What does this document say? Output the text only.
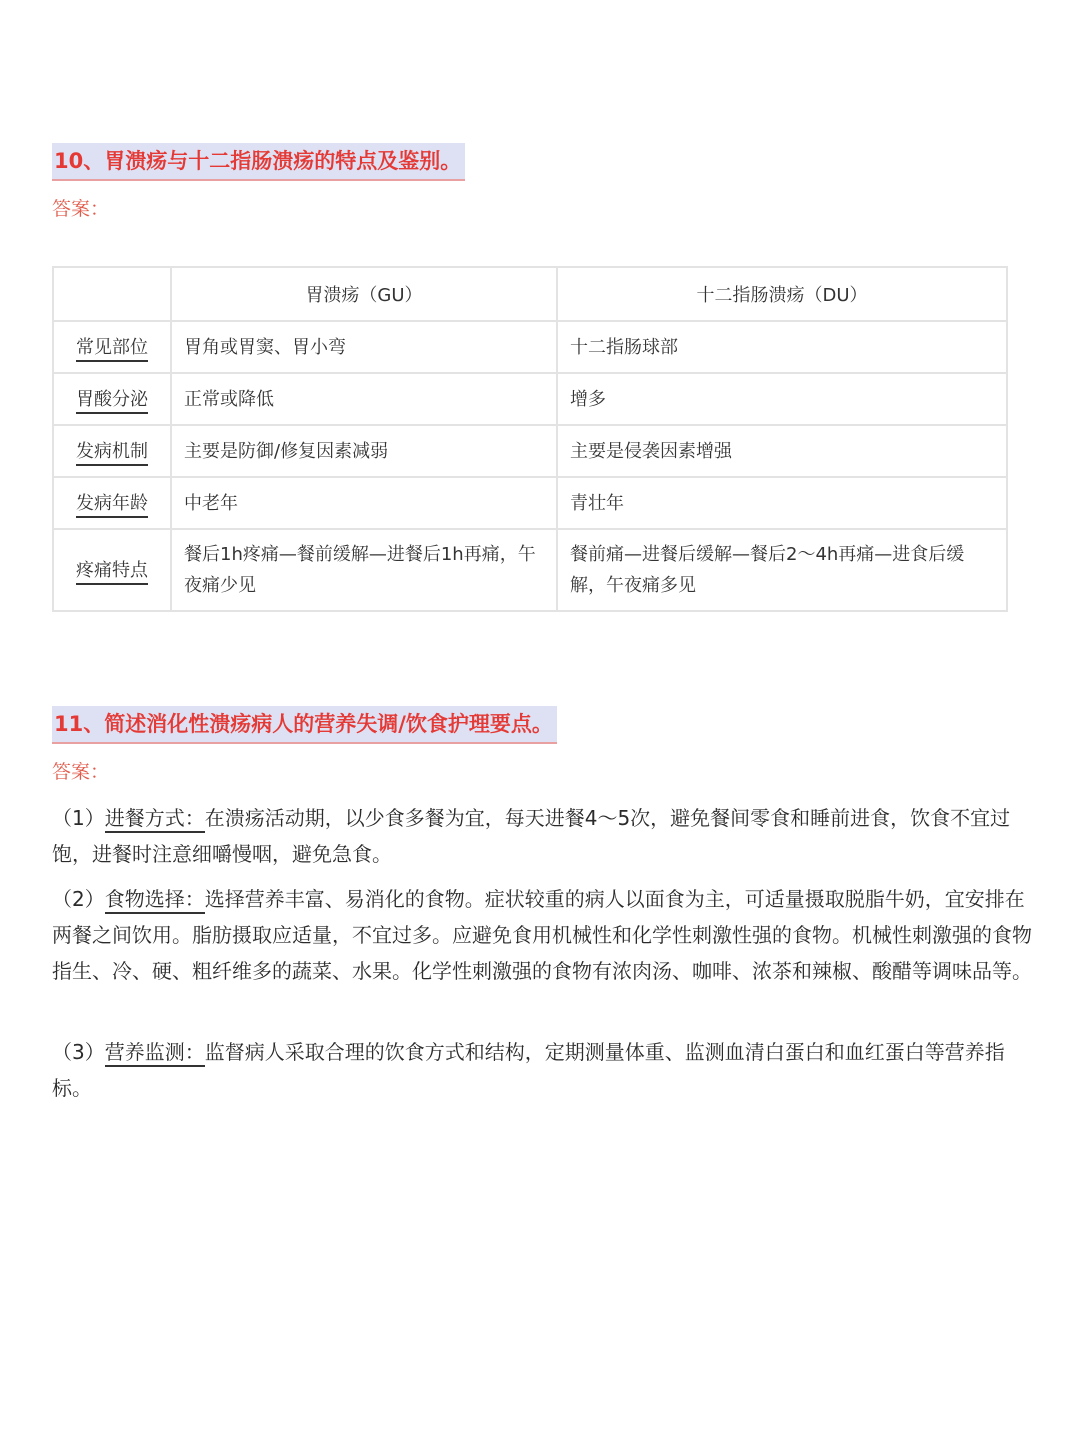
10、胃溃疡与十二指肠溃疡的特点及鉴别。
答案：
	胃溃疡（GU）	十二指肠溃疡（DU）
常见部位	胃角或胃窦、胃小弯	十二指肠球部
胃酸分泌	正常或降低	增多
发病机制	主要是防御/修复因素减弱	主要是侵袭因素增强
发病年龄	中老年	青壮年
疼痛特点	餐后1h疼痛—餐前缓解—进餐后1h再痛，午夜痛少见	餐前痛—进餐后缓解—餐后2～4h再痛—进食后缓解，午夜痛多见
11、简述消化性溃疡病人的营养失调/饮食护理要点。
答案：
（1）进餐方式：在溃疡活动期，以少食多餐为宜，每天进餐4～5次，避免餐间零食和睡前进食，饮食不宜过饱，进餐时注意细嚼慢咽，避免急食。
（2）食物选择：选择营养丰富、易消化的食物。症状较重的病人以面食为主，可适量摄取脱脂牛奶，宜安排在两餐之间饮用。脂肪摄取应适量，不宜过多。应避免食用机械性和化学性刺激性强的食物。机械性刺激强的食物指生、冷、硬、粗纤维多的蔬菜、水果。化学性刺激强的食物有浓肉汤、咖啡、浓茶和辣椒、酸醋等调味品等。
（3）营养监测：监督病人采取合理的饮食方式和结构，定期测量体重、监测血清白蛋白和血红蛋白等营养指标。
